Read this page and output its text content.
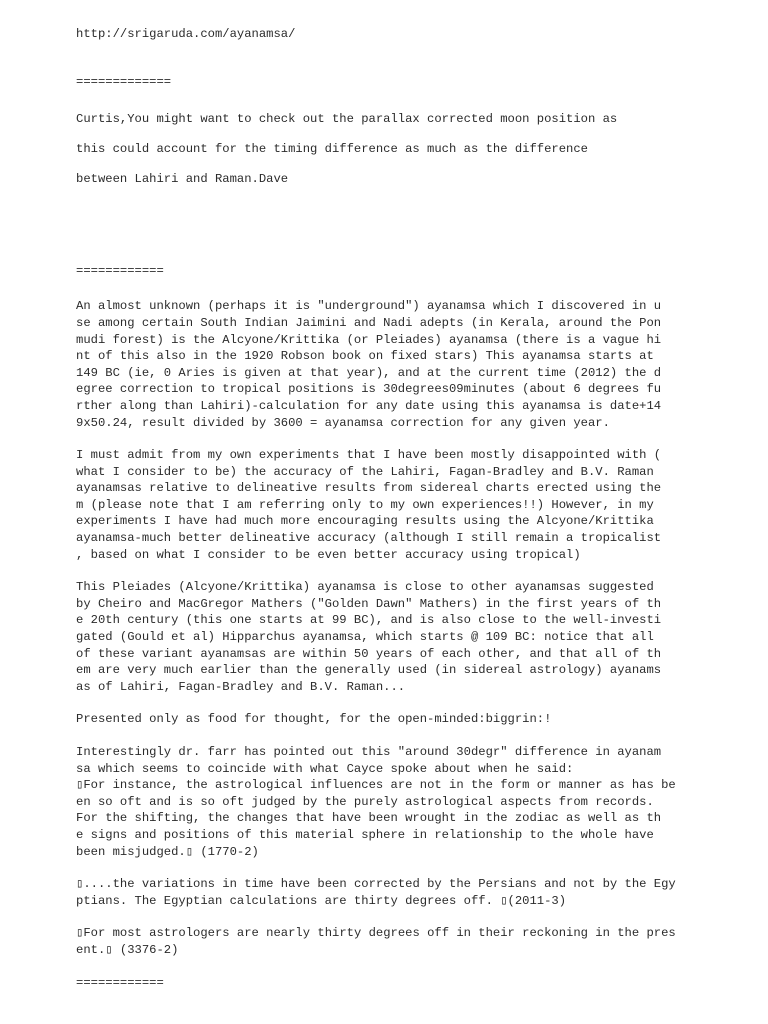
http://srigaruda.com/ayanamsa/
=============
Curtis,You might want to check out the parallax corrected moon position as
this could account for the timing difference as much as the difference
between Lahiri and Raman.Dave
============
An almost unknown (perhaps it is "underground") ayanamsa which I discovered in u
se among certain South Indian Jaimini and Nadi adepts (in Kerala, around the Pon
mudi forest) is the Alcyone/Krittika (or Pleiades) ayanamsa (there is a vague hi
nt of this also in the 1920 Robson book on fixed stars) This ayanamsa starts at
149 BC (ie, 0 Aries is given at that year), and at the current time (2012) the d
egree correction to tropical positions is 30degrees09minutes (about 6 degrees fu
rther along than Lahiri)-calculation for any date using this ayanamsa is date+14
9x50.24, result divided by 3600 = ayanamsa correction for any given year.
I must admit from my own experiments that I have been mostly disappointed with (
what I consider to be) the accuracy of the Lahiri, Fagan-Bradley and B.V. Raman
ayanamsas relative to delineative results from sidereal charts erected using the
m (please note that I am referring only to my own experiences!!) However, in my
experiments I have had much more encouraging results using the Alcyone/Krittika
ayanamsa-much better delineative accuracy (although I still remain a tropicalist
, based on what I consider to be even better accuracy using tropical)
This Pleiades (Alcyone/Krittika) ayanamsa is close to other ayanamsas suggested
by Cheiro and MacGregor Mathers ("Golden Dawn" Mathers) in the first years of th
e 20th century (this one starts at 99 BC), and is also close to the well-investi
gated (Gould et al) Hipparchus ayanamsa, which starts @ 109 BC: notice that all
of these variant ayanamsas are within 50 years of each other, and that all of th
em are very much earlier than the generally used (in sidereal astrology) ayanams
as of Lahiri, Fagan-Bradley and B.V. Raman...
Presented only as food for thought, for the open-minded:biggrin:!
Interestingly dr. farr has pointed out this "around 30degr" difference in ayanam
sa which seems to coincide with what Cayce spoke about when he said:
▯For instance, the astrological influences are not in the form or manner as has be
en so oft and is so oft judged by the purely astrological aspects from records.
For the shifting, the changes that have been wrought in the zodiac as well as th
e signs and positions of this material sphere in relationship to the whole have
been misjudged.▯ (1770-2)
▯....the variations in time have been corrected by the Persians and not by the Egy
ptians. The Egyptian calculations are thirty degrees off. ▯(2011-3)
▯For most astrologers are nearly thirty degrees off in their reckoning in the pres
ent.▯ (3376-2)
============
